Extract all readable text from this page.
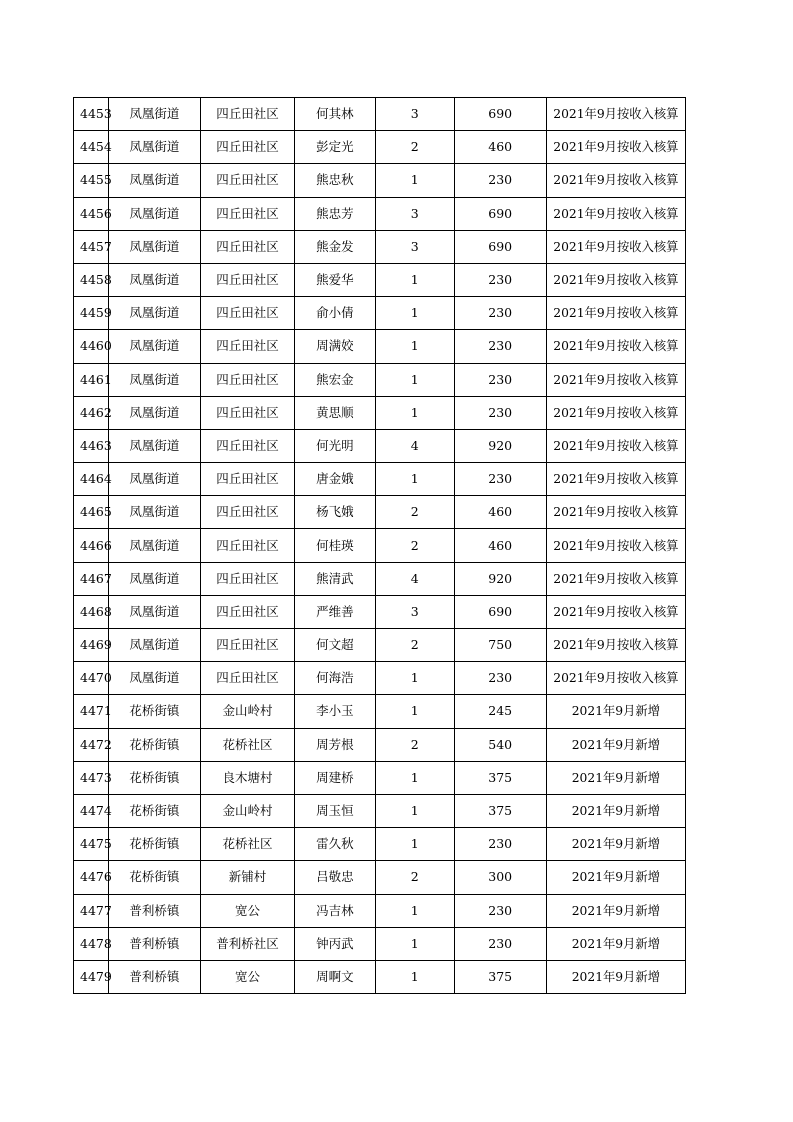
4453	凤凰街道	四丘田社区	何其林	3	690	2021年9月按收入核算
4454	凤凰街道	四丘田社区	彭定光	2	460	2021年9月按收入核算
4455	凤凰街道	四丘田社区	熊忠秋	1	230	2021年9月按收入核算
4456	凤凰街道	四丘田社区	熊忠芳	3	690	2021年9月按收入核算
4457	凤凰街道	四丘田社区	熊金发	3	690	2021年9月按收入核算
4458	凤凰街道	四丘田社区	熊爱华	1	230	2021年9月按收入核算
4459	凤凰街道	四丘田社区	俞小倩	1	230	2021年9月按收入核算
4460	凤凰街道	四丘田社区	周满姣	1	230	2021年9月按收入核算
4461	凤凰街道	四丘田社区	熊宏金	1	230	2021年9月按收入核算
4462	凤凰街道	四丘田社区	黄思顺	1	230	2021年9月按收入核算
4463	凤凰街道	四丘田社区	何光明	4	920	2021年9月按收入核算
4464	凤凰街道	四丘田社区	唐金娥	1	230	2021年9月按收入核算
4465	凤凰街道	四丘田社区	杨飞娥	2	460	2021年9月按收入核算
4466	凤凰街道	四丘田社区	何桂瑛	2	460	2021年9月按收入核算
4467	凤凰街道	四丘田社区	熊清武	4	920	2021年9月按收入核算
4468	凤凰街道	四丘田社区	严维善	3	690	2021年9月按收入核算
4469	凤凰街道	四丘田社区	何文超	2	750	2021年9月按收入核算
4470	凤凰街道	四丘田社区	何海浩	1	230	2021年9月按收入核算
4471	花桥街镇	金山岭村	李小玉	1	245	2021年9月新增
4472	花桥街镇	花桥社区	周芳根	2	540	2021年9月新增
4473	花桥街镇	良木塘村	周建桥	1	375	2021年9月新增
4474	花桥街镇	金山岭村	周玉恒	1	375	2021年9月新增
4475	花桥街镇	花桥社区	雷久秋	1	230	2021年9月新增
4476	花桥街镇	新铺村	吕敬忠	2	300	2021年9月新增
4477	普利桥镇	宽公	冯吉林	1	230	2021年9月新增
4478	普利桥镇	普利桥社区	钟丙武	1	230	2021年9月新增
4479	普利桥镇	宽公	周啊文	1	375	2021年9月新增
